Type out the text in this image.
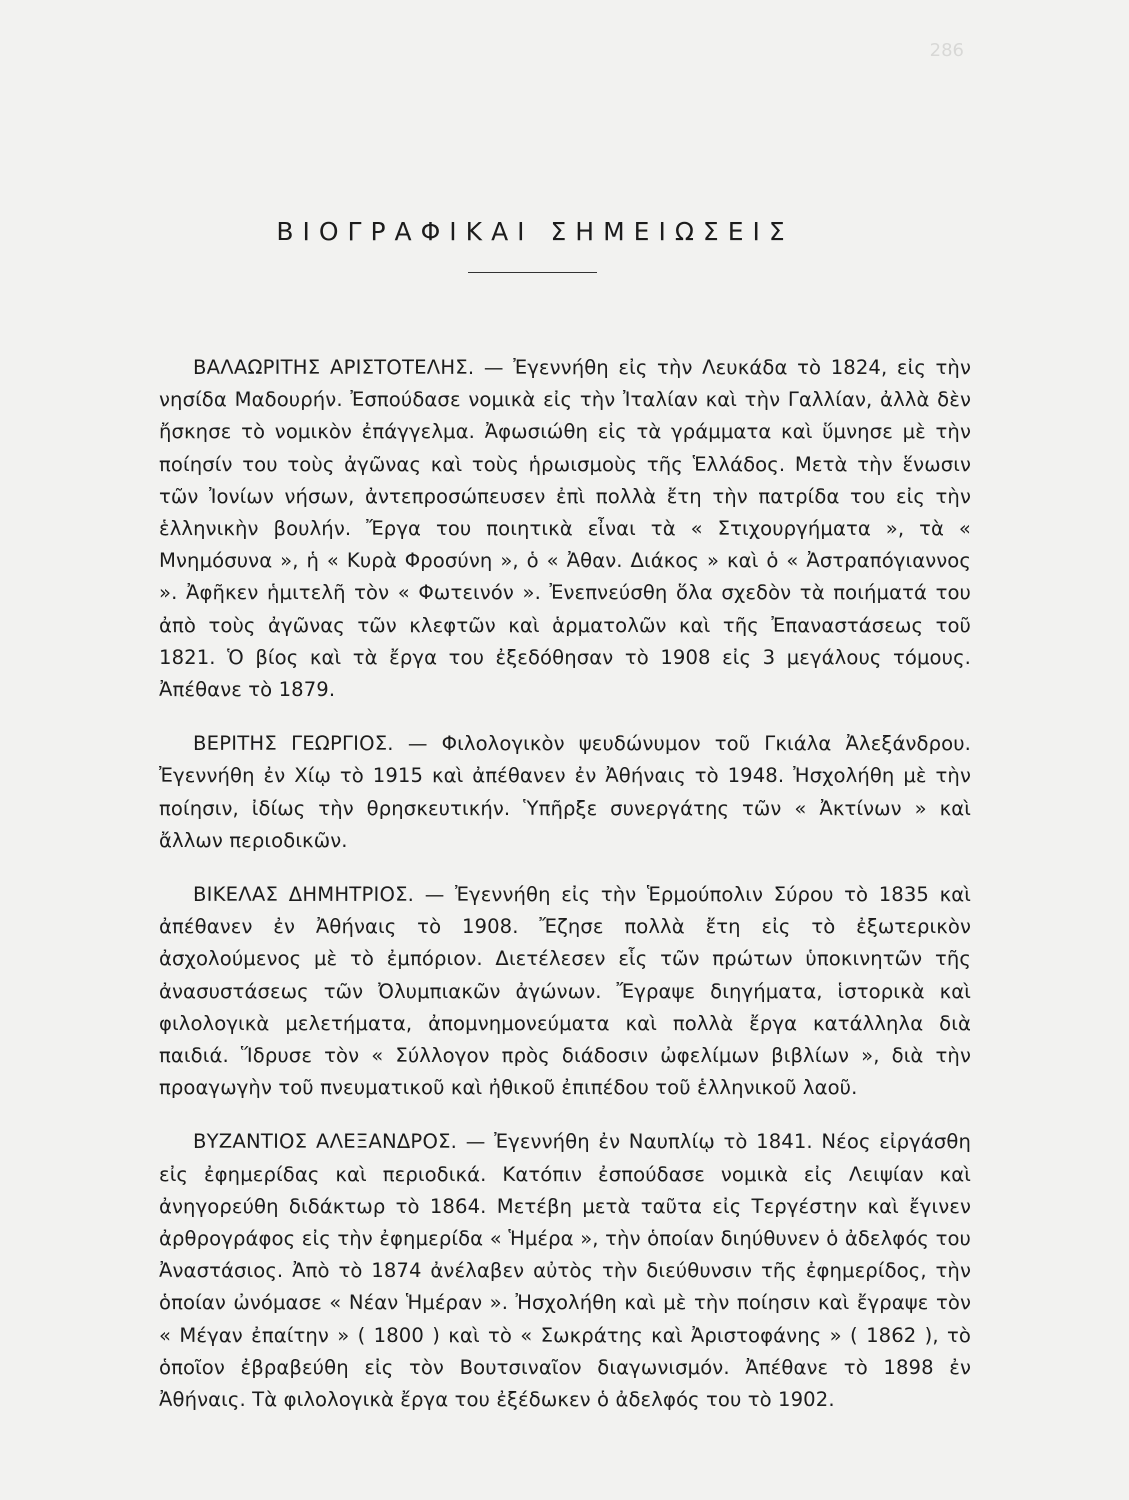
286
ΒΙΟΓΡΑΦΙΚΑΙ ΣΗΜΕΙΩΣΕΙΣ

ΒΑΛΑΩΡΙΤΗΣ ΑΡΙΣΤΟΤΕΛΗΣ. — Ἐγεννήθη εἰς τὴν Λευκάδα τὸ 1824, εἰς τὴν νησίδα Μαδουρήν. Ἐσπούδασε νομικὰ εἰς τὴν Ἰταλίαν καὶ τὴν Γαλλίαν, ἀλλὰ δὲν ἤσκησε τὸ νομικὸν ἐπάγγελμα. Ἀφωσιώθη εἰς τὰ γράμματα καὶ ὕμνησε μὲ τὴν ποίησίν του τοὺς ἀγῶνας καὶ τοὺς ἡρωισμοὺς τῆς Ἑλλάδος. Μετὰ τὴν ἕνωσιν τῶν Ἰονίων νήσων, ἀντεπροσώπευσεν ἐπὶ πολλὰ ἔτη τὴν πατρίδα του εἰς τὴν ἑλληνικὴν βουλήν. Ἔργα του ποιητικὰ εἶναι τὰ « Στιχουργήματα », τὰ « Μνημόσυνα », ἡ « Κυρὰ Φροσύνη », ὁ « Ἀθαν. Διάκος » καὶ ὁ « Ἀστραπόγιαννος ». Ἀφῆκεν ἡμιτελῆ τὸν « Φωτεινόν ». Ἐνεπνεύσθη ὅλα σχεδὸν τὰ ποιήματά του ἀπὸ τοὺς ἀγῶνας τῶν κλεφτῶν καὶ ἁρματολῶν καὶ τῆς Ἐπαναστάσεως τοῦ 1821. Ὁ βίος καὶ τὰ ἔργα του ἐξεδόθησαν τὸ 1908 εἰς 3 μεγάλους τόμους. Ἀπέθανε τὸ 1879.

ΒΕΡΙΤΗΣ ΓΕΩΡΓΙΟΣ. — Φιλολογικὸν ψευδώνυμον τοῦ Γκιάλα Ἀλεξάνδρου. Ἐγεννήθη ἐν Χίῳ τὸ 1915 καὶ ἀπέθανεν ἐν Ἀθήναις τὸ 1948. Ἠσχολήθη μὲ τὴν ποίησιν, ἰδίως τὴν θρησκευτικήν. Ὑπῆρξε συνεργάτης τῶν « Ἀκτίνων » καὶ ἄλλων περιοδικῶν.

ΒΙΚΕΛΑΣ ΔΗΜΗΤΡΙΟΣ. — Ἐγεννήθη εἰς τὴν Ἑρμούπολιν Σύρου τὸ 1835 καὶ ἀπέθανεν ἐν Ἀθήναις τὸ 1908. Ἔζησε πολλὰ ἔτη εἰς τὸ ἐξωτερικὸν ἀσχολούμενος μὲ τὸ ἐμπόριον. Διετέλεσεν εἷς τῶν πρώτων ὑποκινητῶν τῆς ἀνασυστάσεως τῶν Ὀλυμπιακῶν ἀγώνων. Ἔγραψε διηγήματα, ἱστορικὰ καὶ φιλολογικὰ μελετήματα, ἀπομνημονεύματα καὶ πολλὰ ἔργα κατάλληλα διὰ παιδιά. Ἵδρυσε τὸν « Σύλλογον πρὸς διάδοσιν ὠφελίμων βιβλίων », διὰ τὴν προαγωγὴν τοῦ πνευματικοῦ καὶ ἠθικοῦ ἐπιπέδου τοῦ ἑλληνικοῦ λαοῦ.

ΒΥΖΑΝΤΙΟΣ ΑΛΕΞΑΝΔΡΟΣ. — Ἐγεννήθη ἐν Ναυπλίῳ τὸ 1841. Νέος εἰργάσθη εἰς ἐφημερίδας καὶ περιοδικά. Κατόπιν ἐσπούδασε νομικὰ εἰς Λειψίαν καὶ ἀνηγορεύθη διδάκτωρ τὸ 1864. Μετέβη μετὰ ταῦτα εἰς Τεργέστην καὶ ἔγινεν ἀρθρογράφος εἰς τὴν ἐφημερίδα « Ἡμέρα », τὴν ὁποίαν διηύθυνεν ὁ ἀδελφός του Ἀναστάσιος. Ἀπὸ τὸ 1874 ἀνέλαβεν αὐτὸς τὴν διεύθυνσιν τῆς ἐφημερίδος, τὴν ὁποίαν ὠνόμασε « Νέαν Ἡμέραν ». Ἠσχολήθη καὶ μὲ τὴν ποίησιν καὶ ἔγραψε τὸν « Μέγαν ἐπαίτην » ( 1800 ) καὶ τὸ « Σωκράτης καὶ Ἀριστοφάνης » ( 1862 ), τὸ ὁποῖον ἐβραβεύθη εἰς τὸν Βουτσιναῖον διαγωνισμόν. Ἀπέθανε τὸ 1898 ἐν Ἀθήναις. Τὰ φιλολογικὰ ἔργα του ἐξέδωκεν ὁ ἀδελφός του τὸ 1902.
